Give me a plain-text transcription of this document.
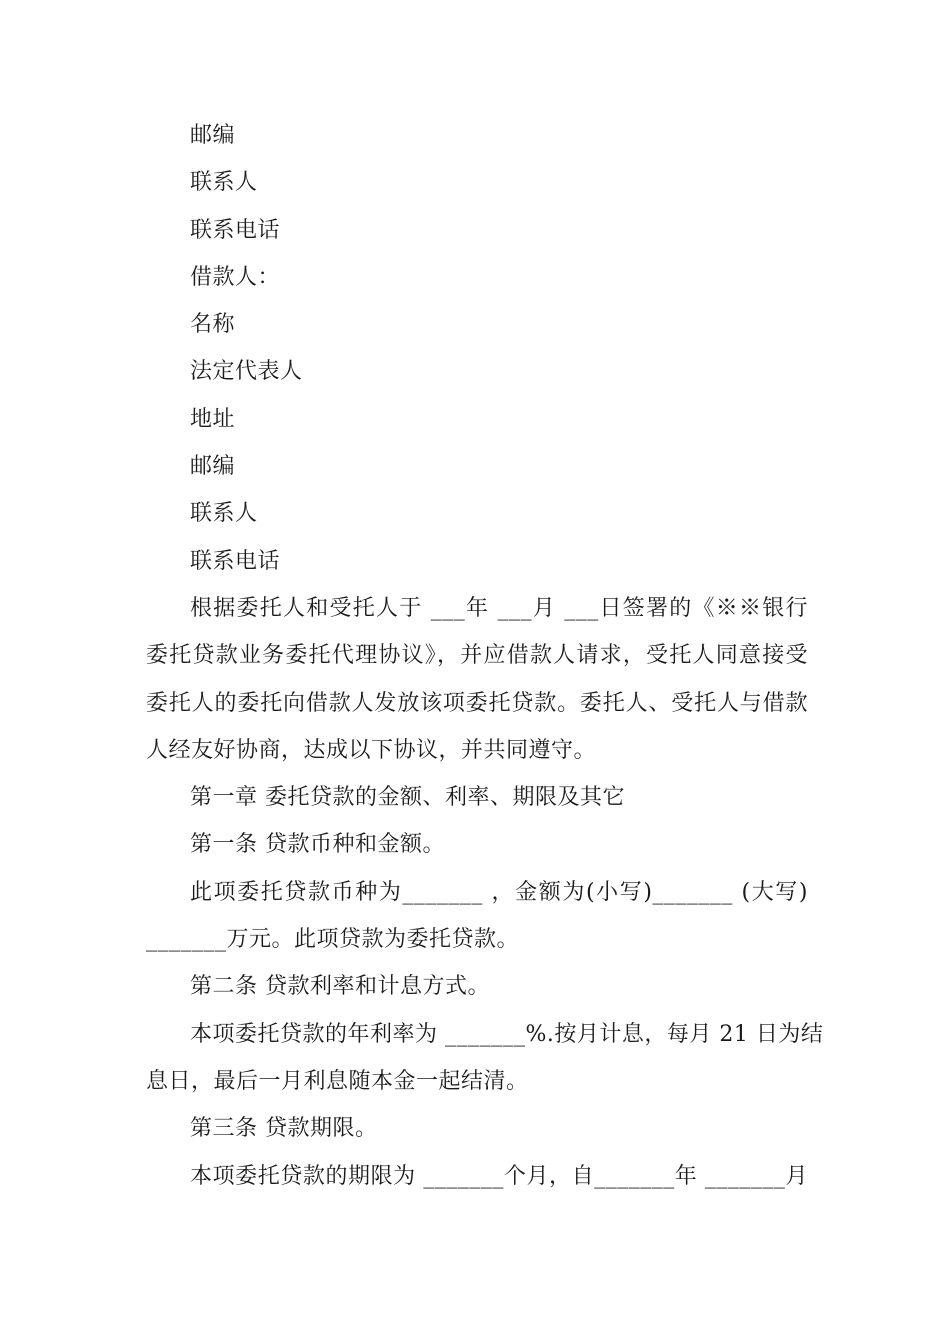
邮编
联系人
联系电话
借款人：
名称
法定代表人
地址
邮编
联系人
联系电话
根据委托人和受托人于 ___年 ___月 ___日签署的《※※银行
委托贷款业务委托代理协议》，并应借款人请求，受托人同意接受
委托人的委托向借款人发放该项委托贷款。委托人、受托人与借款
人经友好协商，达成以下协议，并共同遵守。
第一章 委托贷款的金额、利率、期限及其它
第一条 贷款币种和金额。
此项委托贷款币种为_______ ，金额为(小写)_______ (大写)
_______万元。此项贷款为委托贷款。
第二条 贷款利率和计息方式。
本项委托贷款的年利率为 _______%.按月计息，每月 21 日为结
息日，最后一月利息随本金一起结清。
第三条 贷款期限。
本项委托贷款的期限为 _______个月，自_______年 _______月
